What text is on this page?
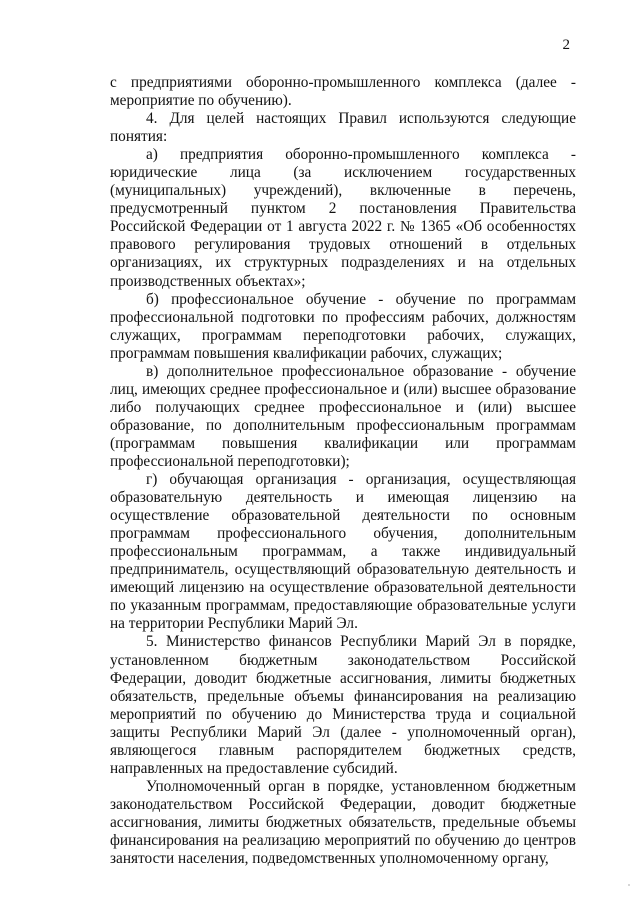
2

с предприятиями оборонно-промышленного комплекса (далее - мероприятие по обучению).

4. Для целей настоящих Правил используются следующие понятия:

а) предприятия оборонно-промышленного комплекса - юридические лица (за исключением государственных (муниципальных) учреждений), включенные в перечень, предусмотренный пунктом 2 постановления Правительства Российской Федерации от 1 августа 2022 г. № 1365 «Об особенностях правового регулирования трудовых отношений в отдельных организациях, их структурных подразделениях и на отдельных производственных объектах»;

б) профессиональное обучение - обучение по программам профессиональной подготовки по профессиям рабочих, должностям служащих, программам переподготовки рабочих, служащих, программам повышения квалификации рабочих, служащих;

в) дополнительное профессиональное образование - обучение лиц, имеющих среднее профессиональное и (или) высшее образование либо получающих среднее профессиональное и (или) высшее образование, по дополнительным профессиональным программам (программам повышения квалификации или программам профессиональной переподготовки);

г) обучающая организация - организация, осуществляющая образовательную деятельность и имеющая лицензию на осуществление образовательной деятельности по основным программам профессионального обучения, дополнительным профессиональным программам, а также индивидуальный предприниматель, осуществляющий образовательную деятельность и имеющий лицензию на осуществление образовательной деятельности по указанным программам, предоставляющие образовательные услуги на территории Республики Марий Эл.

5. Министерство финансов Республики Марий Эл в порядке, установленном бюджетным законодательством Российской Федерации, доводит бюджетные ассигнования, лимиты бюджетных обязательств, предельные объемы финансирования на реализацию мероприятий по обучению до Министерства труда и социальной защиты Республики Марий Эл (далее - уполномоченный орган), являющегося главным распорядителем бюджетных средств, направленных на предоставление субсидий.

Уполномоченный орган в порядке, установленном бюджетным законодательством Российской Федерации, доводит бюджетные ассигнования, лимиты бюджетных обязательств, предельные объемы финансирования на реализацию мероприятий по обучению до центров занятости населения, подведомственных уполномоченному органу,
